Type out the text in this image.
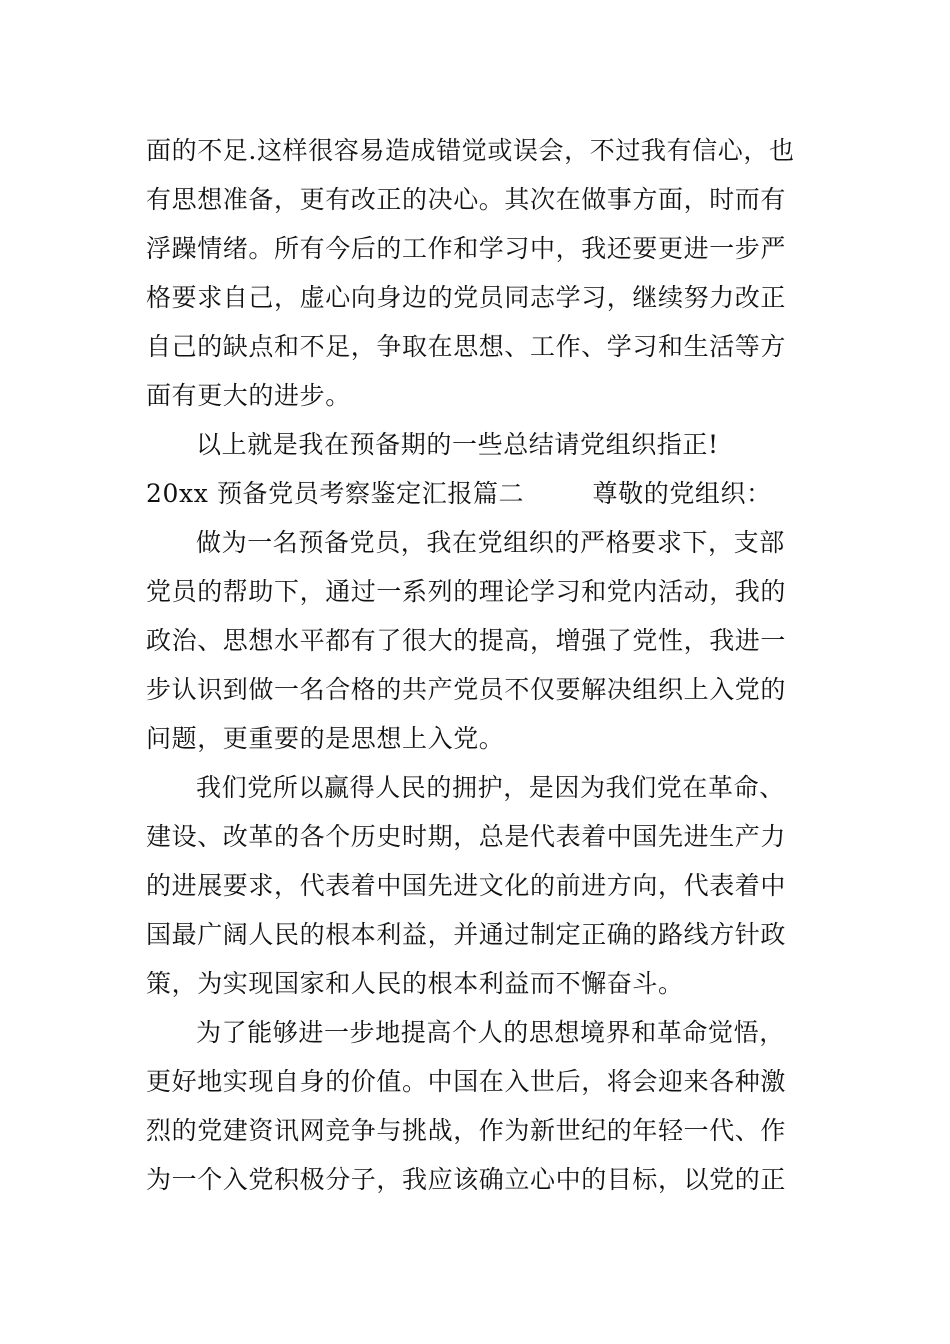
面的不足.这样很容易造成错觉或误会，不过我有信心，也
有思想准备，更有改正的决心。其次在做事方面，时而有
浮躁情绪。所有今后的工作和学习中，我还要更进一步严
格要求自己，虚心向身边的党员同志学习，继续努力改正
自己的缺点和不足，争取在思想、工作、学习和生活等方
面有更大的进步。
以上就是我在预备期的一些总结请党组织指正!
20xx 预备党员考察鉴定汇报篇二        尊敬的党组织：
做为一名预备党员，我在党组织的严格要求下，支部
党员的帮助下，通过一系列的理论学习和党内活动，我的
政治、思想水平都有了很大的提高，增强了党性，我进一
步认识到做一名合格的共产党员不仅要解决组织上入党的
问题，更重要的是思想上入党。
我们党所以赢得人民的拥护，是因为我们党在革命、
建设、改革的各个历史时期，总是代表着中国先进生产力
的进展要求，代表着中国先进文化的前进方向，代表着中
国最广阔人民的根本利益，并通过制定正确的路线方针政
策，为实现国家和人民的根本利益而不懈奋斗。
为了能够进一步地提高个人的思想境界和革命觉悟，
更好地实现自身的价值。中国在入世后，将会迎来各种激
烈的党建资讯网竞争与挑战，作为新世纪的年轻一代、作
为一个入党积极分子，我应该确立心中的目标，以党的正
